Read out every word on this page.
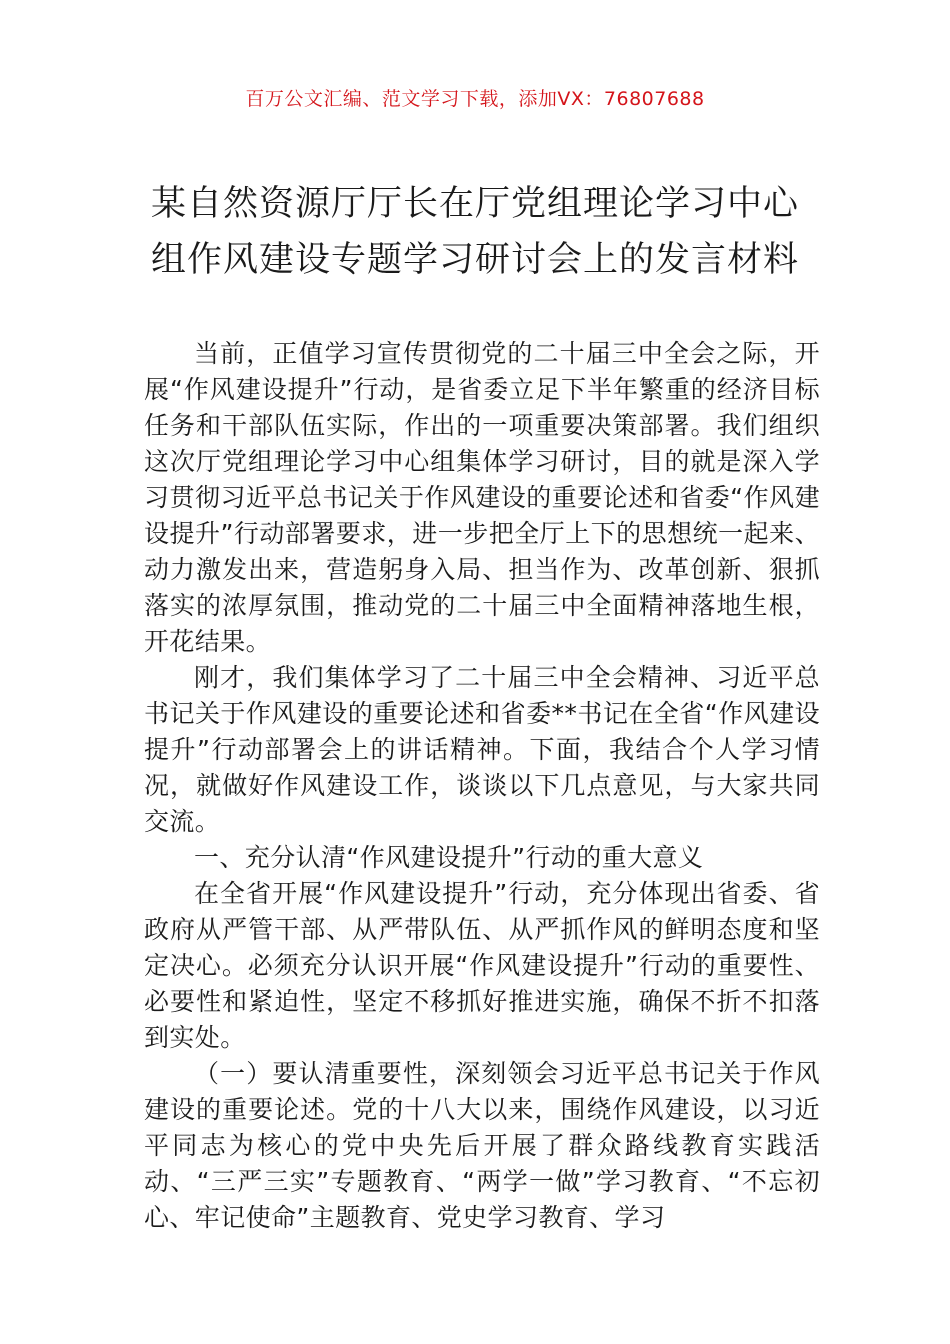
百万公文汇编、范文学习下载，添加VX：76807688
某自然资源厅厅长在厅党组理论学习中心
组作风建设专题学习研讨会上的发言材料

当前，正值学习宣传贯彻党的二十届三中全会之际，开展“作风建设提升”行动，是省委立足下半年繁重的经济目标任务和干部队伍实际，作出的一项重要决策部署。我们组织这次厅党组理论学习中心组集体学习研讨，目的就是深入学习贯彻习近平总书记关于作风建设的重要论述和省委“作风建设提升”行动部署要求，进一步把全厅上下的思想统一起来、动力激发出来，营造躬身入局、担当作为、改革创新、狠抓落实的浓厚氛围，推动党的二十届三中全面精神落地生根，开花结果。

刚才，我们集体学习了二十届三中全会精神、习近平总书记关于作风建设的重要论述和省委**书记在全省“作风建设提升”行动部署会上的讲话精神。下面，我结合个人学习情况，就做好作风建设工作，谈谈以下几点意见，与大家共同交流。

一、充分认清“作风建设提升”行动的重大意义

在全省开展“作风建设提升”行动，充分体现出省委、省政府从严管干部、从严带队伍、从严抓作风的鲜明态度和坚定决心。必须充分认识开展“作风建设提升”行动的重要性、必要性和紧迫性，坚定不移抓好推进实施，确保不折不扣落到实处。

（一）要认清重要性，深刻领会习近平总书记关于作风建设的重要论述。党的十八大以来，围绕作风建设，以习近平同志为核心的党中央先后开展了群众路线教育实践活动、“三严三实”专题教育、“两学一做”学习教育、“不忘初心、牢记使命”主题教育、党史学习教育、学习
